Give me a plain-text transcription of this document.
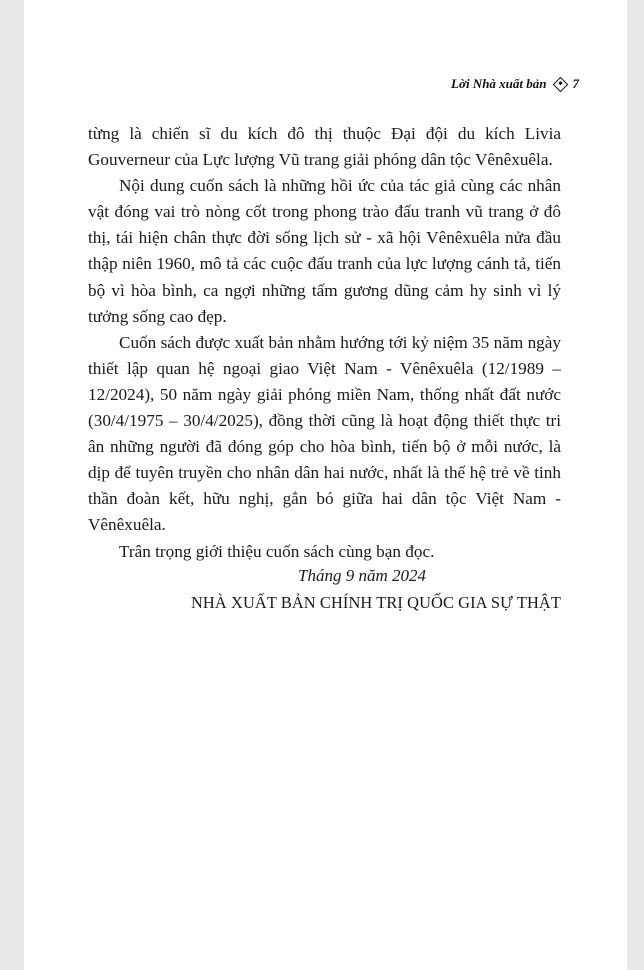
Lời Nhà xuất bản 7

từng là chiến sĩ du kích đô thị thuộc Đại đội du kích Livia Gouverneur của Lực lượng Vũ trang giải phóng dân tộc Vênêxuêla.

Nội dung cuốn sách là những hồi ức của tác giả cùng các nhân vật đóng vai trò nòng cốt trong phong trào đấu tranh vũ trang ở đô thị, tái hiện chân thực đời sống lịch sử - xã hội Vênêxuêla nửa đầu thập niên 1960, mô tả các cuộc đấu tranh của lực lượng cánh tả, tiến bộ vì hòa bình, ca ngợi những tấm gương dũng cảm hy sinh vì lý tưởng sống cao đẹp.

Cuốn sách được xuất bản nhằm hướng tới kỷ niệm 35 năm ngày thiết lập quan hệ ngoại giao Việt Nam - Vênêxuêla (12/1989 – 12/2024), 50 năm ngày giải phóng miền Nam, thống nhất đất nước (30/4/1975 – 30/4/2025), đồng thời cũng là hoạt động thiết thực tri ân những người đã đóng góp cho hòa bình, tiến bộ ở mỗi nước, là dịp để tuyên truyền cho nhân dân hai nước, nhất là thế hệ trẻ về tinh thần đoàn kết, hữu nghị, gắn bó giữa hai dân tộc Việt Nam - Vênêxuêla.

Trân trọng giới thiệu cuốn sách cùng bạn đọc.

Tháng 9 năm 2024
NHÀ XUẤT BẢN CHÍNH TRỊ QUỐC GIA SỰ THẬT
